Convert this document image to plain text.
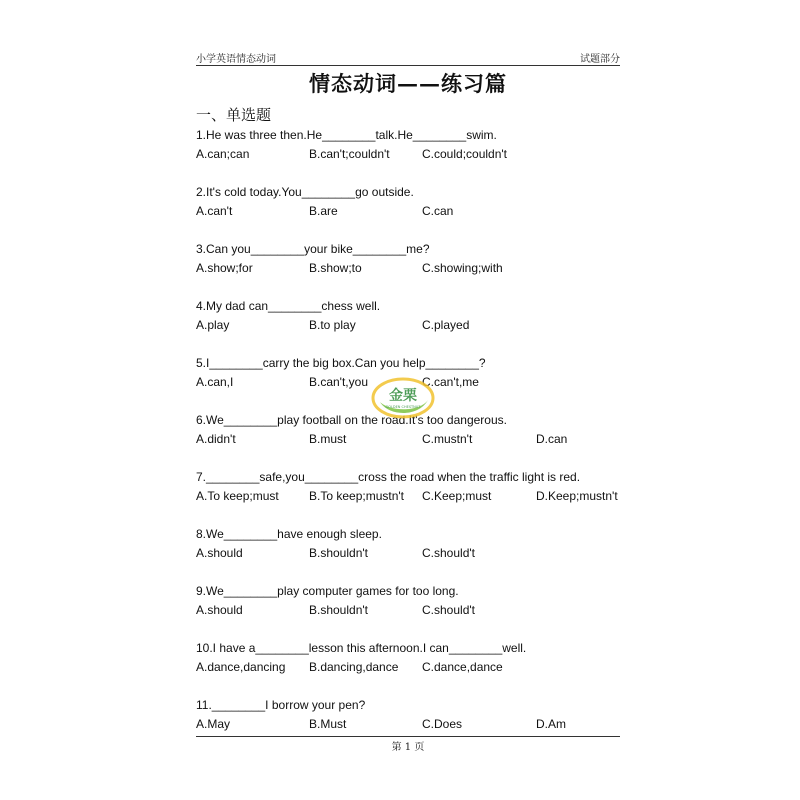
小学英语情态动词	试题部分
情态动词——练习篇
一、单选题
1.He was three then.He________talk.He________swim.
A.can;can	B.can't;couldn't	C.could;couldn't
2.It's cold today.You________go outside.
A.can't	B.are	C.can
3.Can you________your bike________me?
A.show;for	B.show;to	C.showing;with
4.My dad can________chess well.
A.play	B.to play	C.played
5.I________carry the big box.Can you help________?
A.can,I	B.can't,you	C.can't,me
6.We________play football on the road.It's too dangerous.
A.didn't	B.must	C.mustn't	D.can
7.________safe,you________cross the road when the traffic light is red.
A.To keep;must	B.To keep;mustn't C.Keep;must	D.Keep;mustn't
8.We________have enough sleep.
A.should	B.shouldn't	C.should't
9.We________play computer games for too long.
A.should	B.shouldn't	C.should't
10.I have a________lesson this afternoon.I can________well.
A.dance,dancing B.dancing,dance C.dance,dance
11.________I borrow your pen?
A.May	B.Must	C.Does	D.Am
第 1 页
金栗
GOLDEN CHESTNUT
